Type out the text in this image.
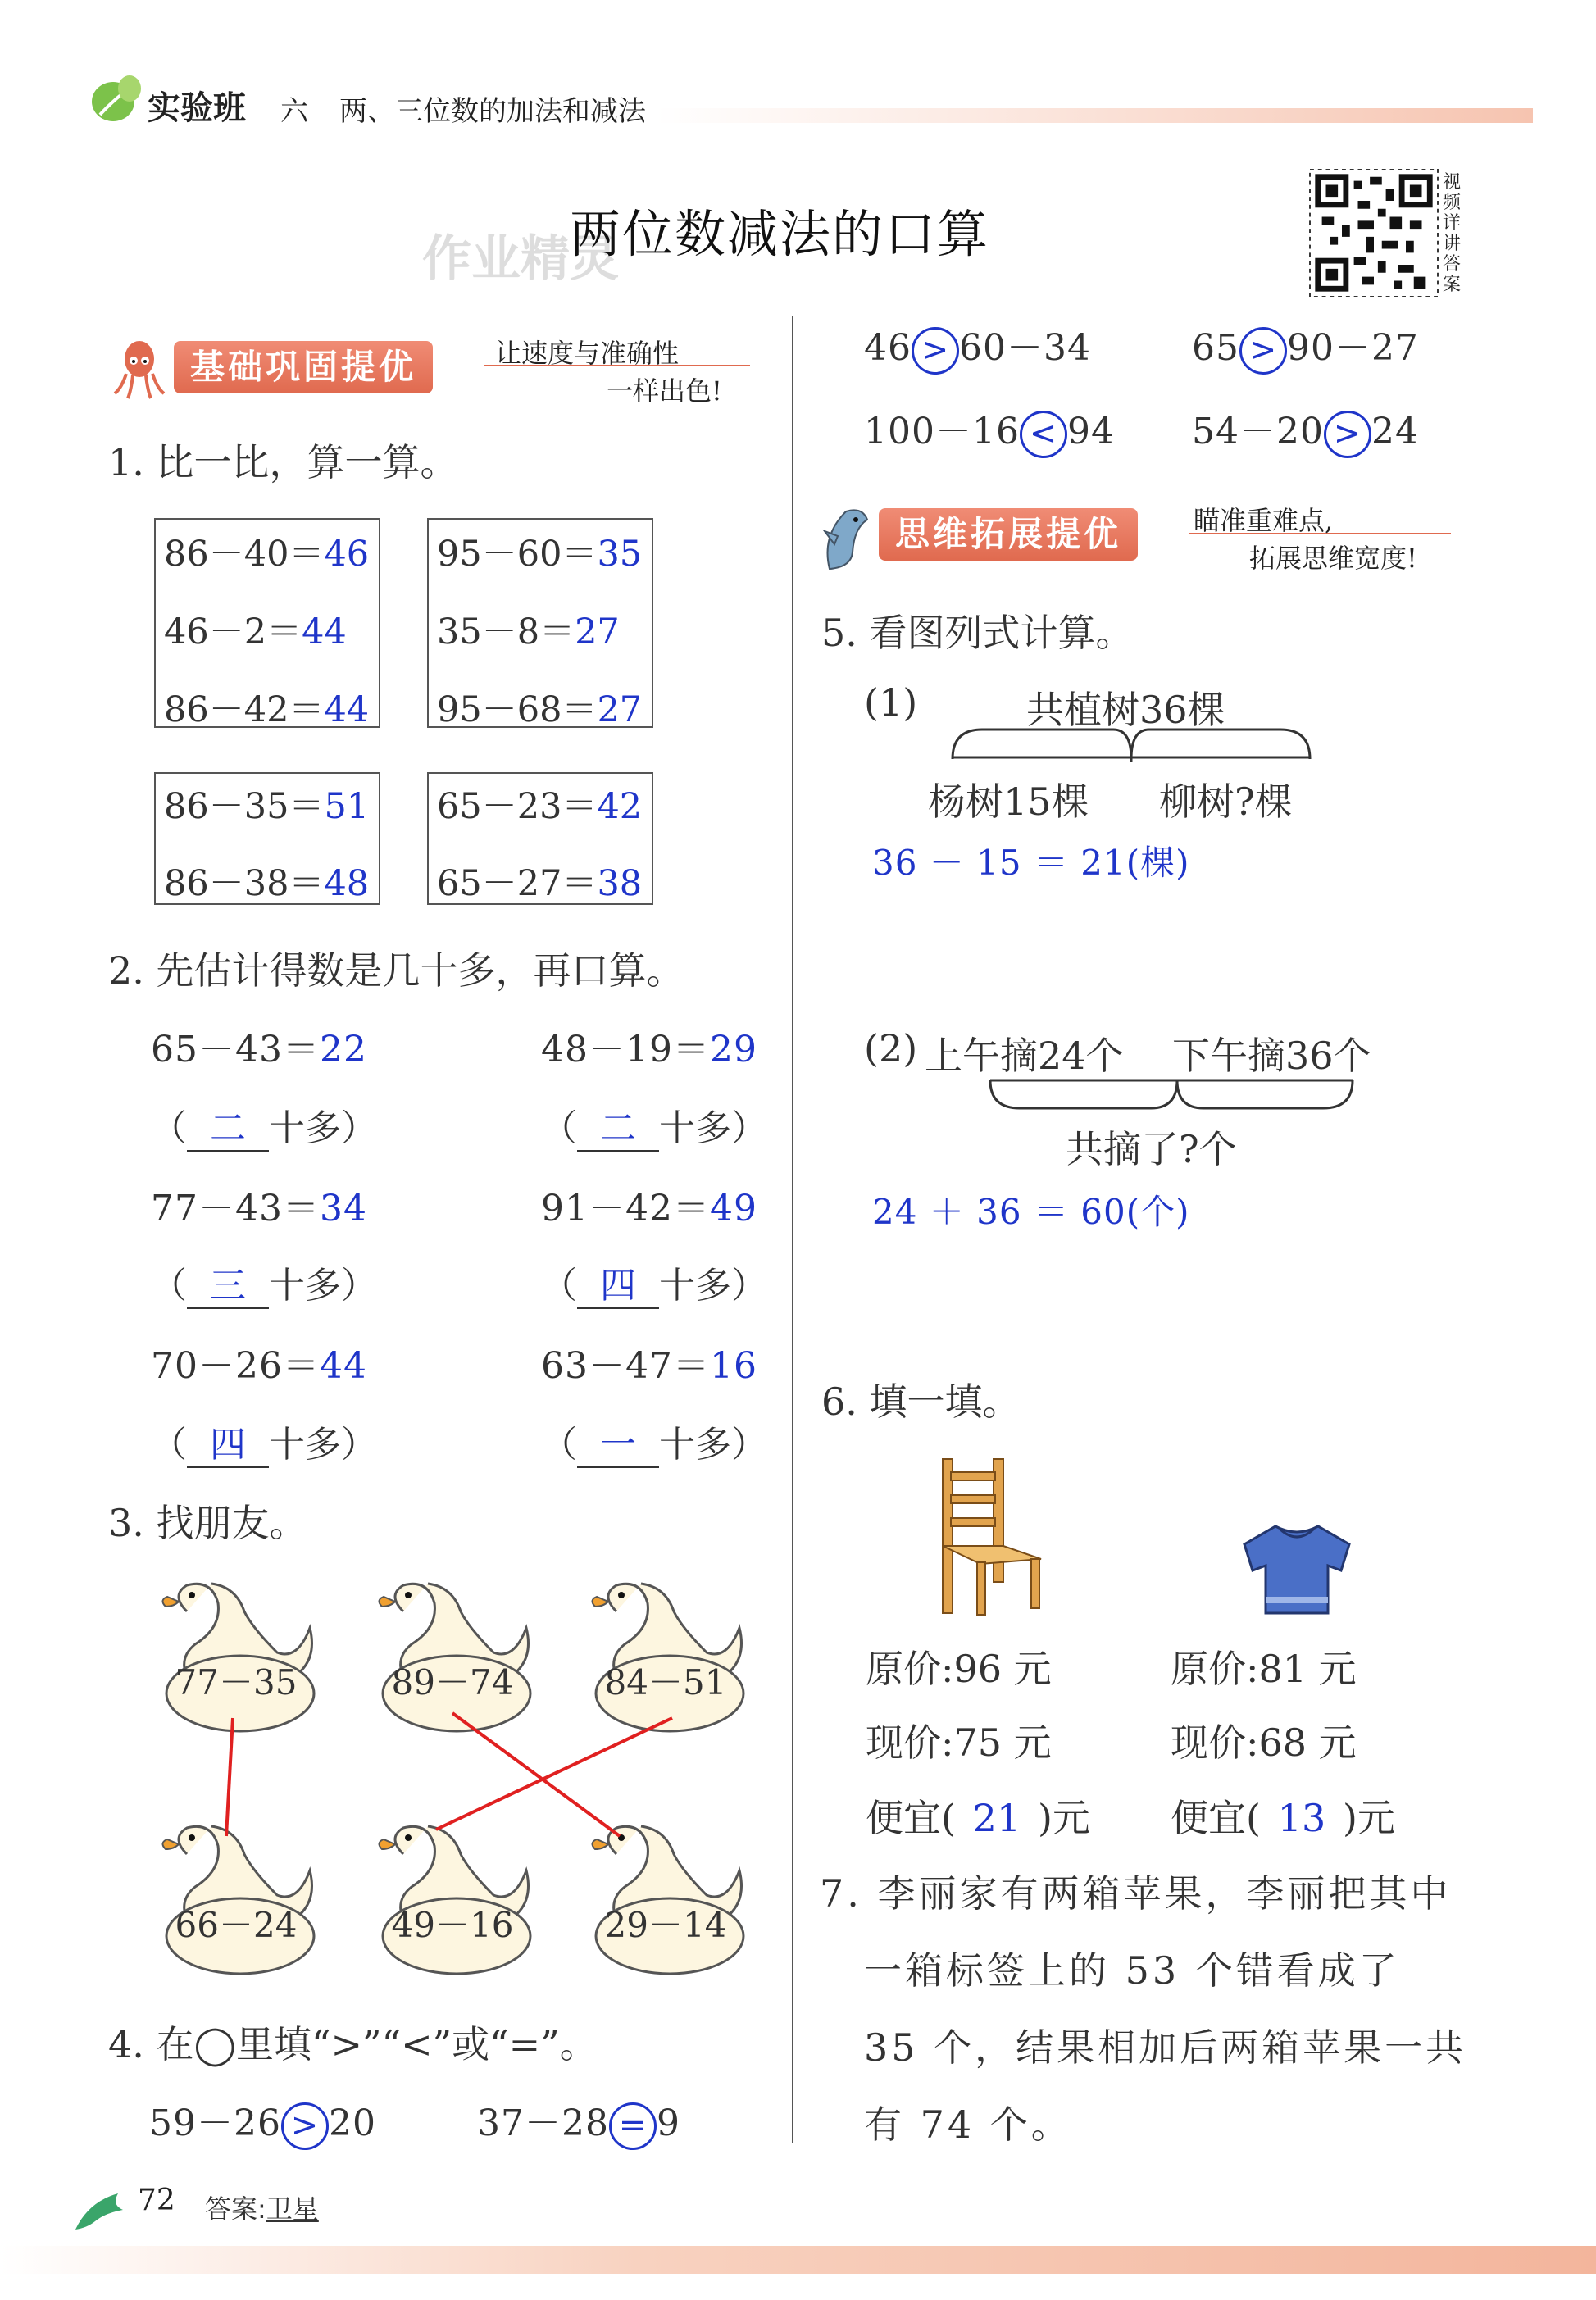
实验班 六 两、三位数的加法和减法
作业精灵
两位数减法的口算
视频详讲答案
基础巩固提优	让速度与准确性
一样出色!
1. 比一比，算一算。
86－40＝46
46－2＝44
86－42＝44
95－60＝35
35－8＝27
95－68＝27
86－35＝51
86－38＝48
65－23＝42
65－27＝38
2. 先估计得数是几十多，再口算。
65－43＝22	48－19＝29
（ 二 十多）	（ 二 十多）
77－43＝34	91－42＝49
（ 三 十多）	（ 四 十多）
70－26＝44	63－47＝16
（ 四 十多）	（ 一 十多）
3. 找朋友。
77－35	89－74	84－51
66－24	49－16	29－14
4. 在◯里填“>”“<”或“=”。
59－26 > 20	37－28 = 9
46 > 60－34	65 > 90－27
100－16 < 94 54－20 > 24
思维拓展提优	瞄准重难点,
拓展思维宽度!
5. 看图列式计算。
(1)	共植树36棵
杨树15棵 柳树?棵
36 － 15 ＝ 21(棵)
(2) 上午摘24个 下午摘36个
共摘了?个
24 ＋ 36 ＝ 60(个)
6. 填一填。
原价:96 元
现价:75 元
便宜( 21 )元
原价:81 元
现价:68 元
便宜( 13 )元
7. 李丽家有两箱苹果，李丽把其中
一箱标签上的 53 个错看成了
35 个，结果相加后两箱苹果一共
有 74 个。
72 答案:卫星
